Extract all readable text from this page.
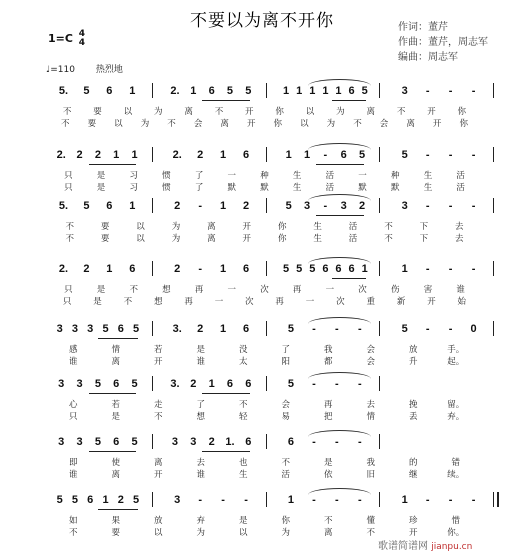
不要以为离不开你
1=C 4
4
作词：董芹
作曲：董芹，周志军
编曲：周志军
♩=110 热烈地
5. 5 6 1	2. 1 6 5 5	1 1 1 1 1 6 5	3 - - -
不	要	以	为	离	不	开	你	以	为	离	不	开	你
不 要 以 为 不 会 离 开 你 以 为 不 会 离 开 你
2. 2 2 1 1	2. 2 1 6	1 1 - 6 5	5 - - -
只	是	习	惯	了	一	种	生	活	一	种	生	活
只	是	习	惯	了	默	默	生	活	默	默	生	活
5. 5 6 1	2 - 1 2	5 3 - 3 2	3 - - -
不	要	以	为	离	开	你	生	活	不	下	去
不	要	以	为	离	开	你	生	活	不	下	去
2. 2 1 6	2 - 1 6	5 5 5 6 6 6 1	1 - - -
只	是	不	想	再	一	次	再	一	次	伤	害	谁
只	是	不	想	再	一	次	再	一	次	重	新	开	始
3 3 3 5 6 5	3. 2 1 6	5 - - -	5 - - 0
感	情	若	是	没	了	我	会	放	手。
谁	离	开	谁	太	阳	都	会	升	起。
3 3 5 6 5	3. 2 1 6 6	5 - - -
心	若	走	了	不	会	再	去	挽	留。
只	是	不	想	轻	易	把	情	丢	弃。
3 3 5 6 5	3 3 2 1. 6	6 - - -
即	使	离	去	也	不	是	我	的	错
谁	离	开	谁	生	活	依	旧	继	续。
5 5 6 1 2 5	3 - - -	1 - - -	1 - - -
如	果	放	弃	是	你	不	懂	珍	惜
不	要	以	为	以	为	离	不	开	你。
歌谱简谱网 jianpu.cn
